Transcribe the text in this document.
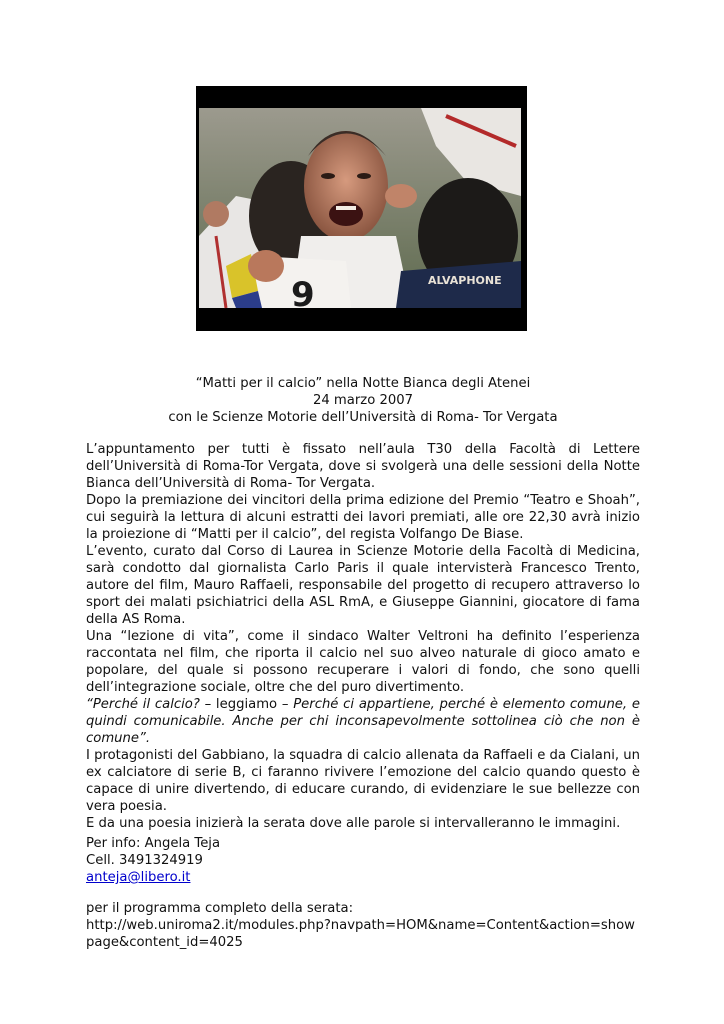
9	ALVAPHONE
“Matti per il calcio” nella Notte Bianca degli Atenei
24 marzo 2007
con le Scienze Motorie dell’Università di Roma- Tor Vergata

L’appuntamento per tutti è fissato nell’aula T30 della Facoltà di Lettere dell’Università di Roma-Tor Vergata, dove si svolgerà una delle sessioni della Notte Bianca dell’Università di Roma- Tor Vergata.

Dopo la premiazione dei vincitori della prima edizione del Premio “Teatro e Shoah”, cui seguirà la lettura di alcuni estratti dei lavori premiati, alle ore 22,30 avrà inizio la proiezione di “Matti per il calcio”, del regista Volfango De Biase.

L’evento, curato dal Corso di Laurea in Scienze Motorie della Facoltà di Medicina, sarà condotto dal giornalista Carlo Paris il quale intervisterà Francesco Trento, autore del film, Mauro Raffaeli, responsabile del progetto di recupero attraverso lo sport dei malati psichiatrici della ASL RmA, e Giuseppe Giannini, giocatore di fama della AS Roma.

Una “lezione di vita”, come il sindaco Walter Veltroni ha definito l’esperienza raccontata nel film, che riporta il calcio nel suo alveo naturale di gioco amato e popolare, del quale si possono recuperare i valori di fondo, che sono quelli dell’integrazione sociale, oltre che del puro divertimento.

“Perché il calcio? – leggiamo – Perché ci appartiene, perché è elemento comune, e quindi comunicabile. Anche per chi inconsapevolmente sottolinea ciò che non è comune”.

I protagonisti del Gabbiano, la squadra di calcio allenata da Raffaeli e da Cialani, un ex calciatore di serie B, ci faranno rivivere l’emozione del calcio quando questo è capace di unire divertendo, di educare curando, di evidenziare le sue bellezze con vera poesia.

E da una poesia inizierà la serata dove alle parole si intervalleranno le immagini.

Per info: Angela Teja
Cell. 3491324919
anteja@libero.it
per il programma completo della serata:
http://web.uniroma2.it/modules.php?navpath=HOM&name=Content&action=show
page&content_id=4025
